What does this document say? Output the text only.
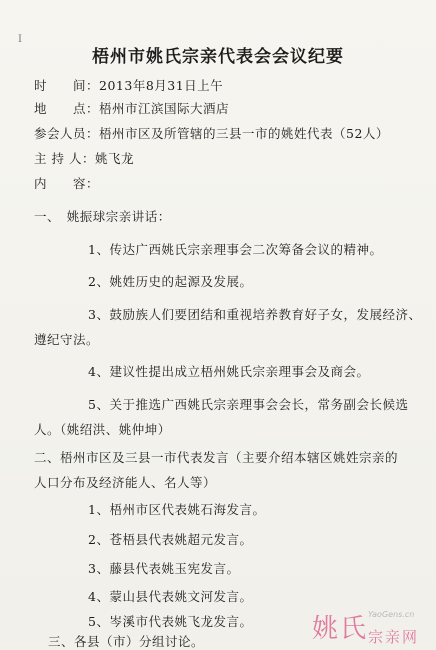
Ⅰ
梧州市姚氏宗亲代表会会议纪要
时　　间：2013年8月31日上午
地　　点：梧州市江滨国际大酒店
参会人员：梧州市区及所管辖的三县一市的姚姓代表（52人）
主 持 人：姚飞龙
内　　容：
一、　姚振球宗亲讲话：
1、传达广西姚氏宗亲理事会二次筹备会议的精神。
2、姚姓历史的起源及发展。
3、鼓励族人们要团结和重视培养教育好子女，发展经济、
遵纪守法。
4、建议性提出成立梧州姚氏宗亲理事会及商会。
5、关于推选广西姚氏宗亲理事会会长，常务副会长候选
人。（姚绍洪、姚仲坤）
二、梧州市区及三县一市代表发言（主要介绍本辖区姚姓宗亲的
人口分布及经济能人、名人等）
1、梧州市区代表姚石海发言。
2、苍梧县代表姚超元发言。
3、藤县代表姚玉宪发言。
4、蒙山县代表姚文河发言。
5、岑溪市代表姚飞龙发言。 姚氏 YaoGens.cn
宗亲网
三、各县（市）分组讨论。
